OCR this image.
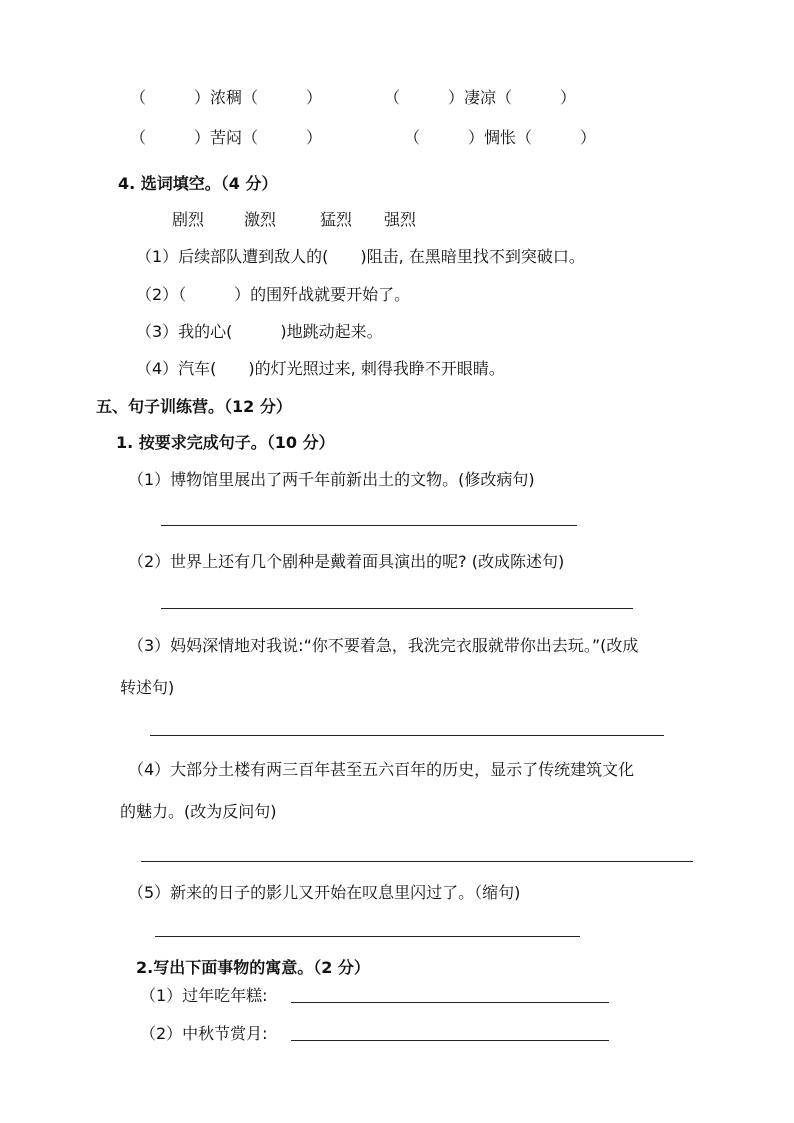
（　　　）浓稠（　　　）	（　　　）凄凉（　　　）
（　　　）苦闷（　　　）	（　　　）惆怅（　　　）
4. 选词填空。（4 分）
剧烈 激烈	猛烈 强烈
（1）后续部队遭到敌人的(　　)阻击, 在黑暗里找不到突破口。
（2）（　　　）的围歼战就要开始了。
（3）我的心(　　　)地跳动起来。
（4）汽车(　　)的灯光照过来, 刺得我睁不开眼睛。
五、句子训练营。（12 分）
1. 按要求完成句子。（10 分）
（1）博物馆里展出了两千年前新出土的文物。(修改病句)
（2）世界上还有几个剧种是戴着面具演出的呢? (改成陈述句)
（3）妈妈深情地对我说:“你不要着急，我洗完衣服就带你出去玩。”(改成
转述句)
（4）大部分土楼有两三百年甚至五六百年的历史，显示了传统建筑文化
的魅力。(改为反问句)
（5）新来的日子的影儿又开始在叹息里闪过了。（缩句)
2.写出下面事物的寓意。（2 分）
（1）过年吃年糕:
（2）中秋节赏月:
